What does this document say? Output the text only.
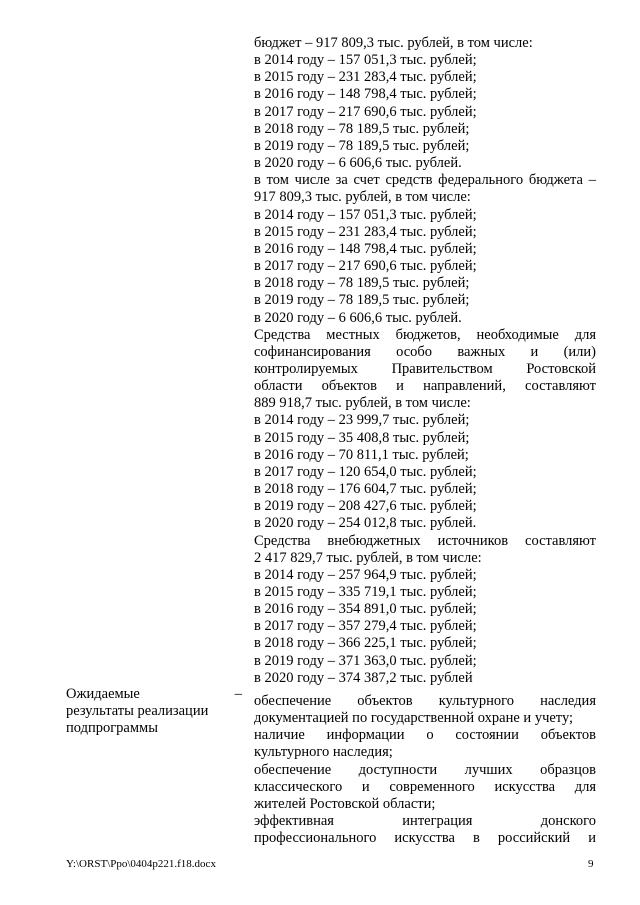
бюджет – 917 809,3 тыс. рублей, в том числе:
в 2014 году – 157 051,3 тыс. рублей;
в 2015 году – 231 283,4 тыс. рублей;
в 2016 году – 148 798,4 тыс. рублей;
в 2017 году – 217 690,6 тыс. рублей;
в 2018 году – 78 189,5 тыс. рублей;
в 2019 году – 78 189,5 тыс. рублей;
в 2020 году – 6 606,6 тыс. рублей.
в том числе за счет средств федерального бюджета –
917 809,3 тыс. рублей, в том числе:
в 2014 году – 157 051,3 тыс. рублей;
в 2015 году – 231 283,4 тыс. рублей;
в 2016 году – 148 798,4 тыс. рублей;
в 2017 году – 217 690,6 тыс. рублей;
в 2018 году – 78 189,5 тыс. рублей;
в 2019 году – 78 189,5 тыс. рублей;
в 2020 году – 6 606,6 тыс. рублей.
Средства местных бюджетов, необходимые для
софинансирования особо важных и (или)
контролируемых Правительством Ростовской
области объектов и направлений, составляют
889 918,7 тыс. рублей, в том числе:
в 2014 году – 23 999,7 тыс. рублей;
в 2015 году – 35 408,8 тыс. рублей;
в 2016 году – 70 811,1 тыс. рублей;
в 2017 году – 120 654,0 тыс. рублей;
в 2018 году – 176 604,7 тыс. рублей;
в 2019 году – 208 427,6 тыс. рублей;
в 2020 году – 254 012,8 тыс. рублей.
Средства внебюджетных источников составляют
2 417 829,7 тыс. рублей, в том числе:
в 2014 году – 257 964,9 тыс. рублей;
в 2015 году – 335 719,1 тыс. рублей;
в 2016 году – 354 891,0 тыс. рублей;
в 2017 году – 357 279,4 тыс. рублей;
в 2018 году – 366 225,1 тыс. рублей;
в 2019 году – 371 363,0 тыс. рублей;
в 2020 году – 374 387,2 тыс. рублей
обеспечение объектов культурного наследия
документацией по государственной охране и учету;
наличие информации о состоянии объектов
культурного наследия;
обеспечение доступности лучших образцов
классического и современного искусства для
жителей Ростовской области;
эффективная интеграция донского
профессионального искусства в российский и
Ожидаемые	–
результаты реализации
подпрограммы
Y:\ORST\Ppo\0404p221.f18.docx	9
